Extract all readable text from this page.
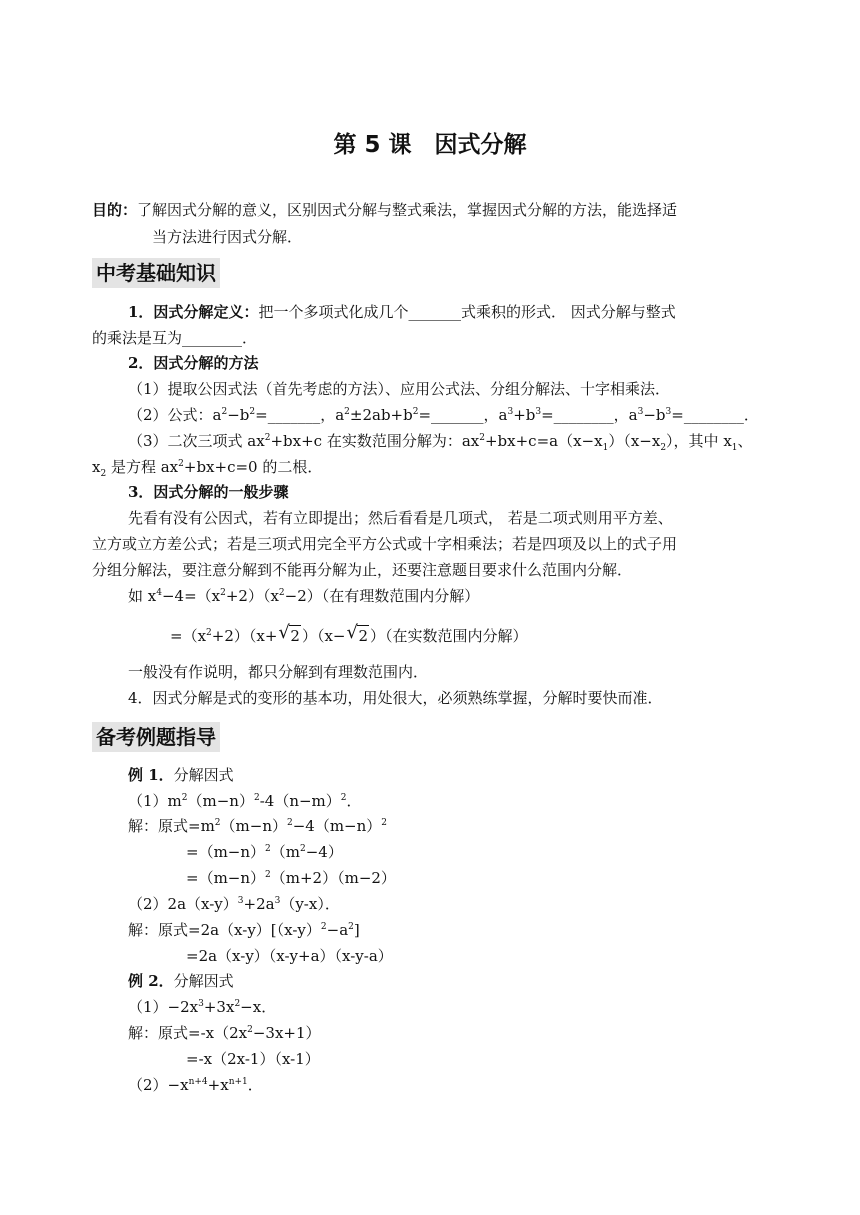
第 5 课　因式分解
目的：了解因式分解的意义，区别因式分解与整式乘法，掌握因式分解的方法，能选择适
当方法进行因式分解．
中考基础知识
1．因式分解定义：把一个多项式化成几个_______式乘积的形式． 因式分解与整式
的乘法是互为________．
2．因式分解的方法
（1）提取公因式法（首先考虑的方法）、应用公式法、分组分解法、十字相乘法．
（2）公式：$a^2-b^2=\_\_\_\_\_\_\_$，$a^2\pm 2ab+b^2=\_\_\_\_\_\_\_$，$a^3+b^3=\_\_\_\_\_\_\_\_$，$a^3-b^3=\_\_\_\_\_\_\_\_$．
（3）二次三项式 $ax^2+bx+c$ 在实数范围分解为：$ax^2+bx+c=a(x-x_1)(x-x_2)$，其中 $x_1$、
$x_2$ 是方程 $ax^2+bx+c=0$ 的二根．
3．因式分解的一般步骤
先看有没有公因式，若有立即提出；然后看看是几项式， 若是二项式则用平方差、
立方或立方差公式；若是三项式用完全平方公式或十字相乘法；若是四项及以上的式子用
分组分解法，要注意分解到不能再分解为止，还要注意题目要求什么范围内分解．
如 $x^4-4=(x^2+2)(x^2-2)$（在有理数范围内分解）
$=(x^2+2)(x+√$ 2 ）（x−√ 2 ）（在实数范围内分解）
一般没有作说明，都只分解到有理数范围内．
4．因式分解是式的变形的基本功，用处很大，必须熟练掌握，分解时要快而准．
备考例题指导
例 1．分解因式
$(1)m^2(m-n)^2-4(n-m)^2$．
解：原式$=m^2(m-n)^2-4(m-n)^2$
$=(m-n)^2(m^2-4)$
$=(m-n)^2(m+2)(m-2)$
$(2)2a(x-y)^3+2a^3(y-x)$．
解：原式$=2a(x-y)[(x-y)^2-a^2]$
=2a（x-y）（x-y+a）（x-y-a）
例 2．分解因式
$(1)-2x^3+3x^2-x$．
解：原式$=-x(2x^2-3x+1)$
=-x（2x-1）（x-1）
$(2)-x^{n+4}+x^{n+1}$．
